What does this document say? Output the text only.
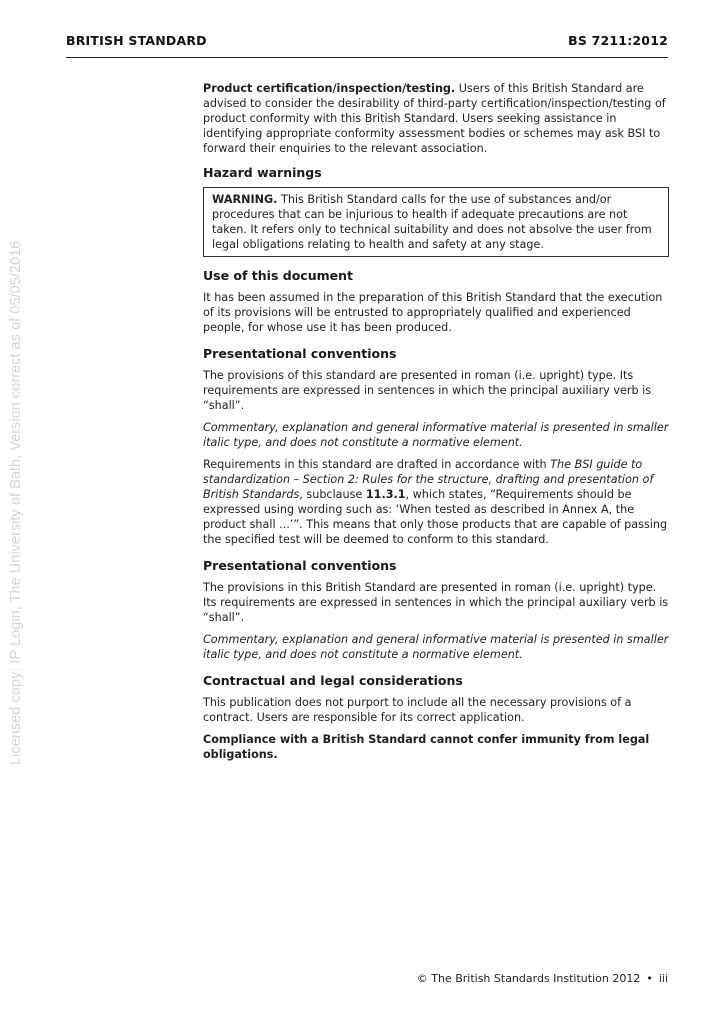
BRITISH STANDARD	BS 7211:2012
Licensed copy: IP Login, The University of Bath, Version correct as of 05/05/2016

Product certification/inspection/testing. Users of this British Standard are advised to consider the desirability of third-party certification/inspection/testing of product conformity with this British Standard. Users seeking assistance in identifying appropriate conformity assessment bodies or schemes may ask BSI to forward their enquiries to the relevant association.

Hazard warnings
WARNING. This British Standard calls for the use of substances and/or procedures that can be injurious to health if adequate precautions are not taken. It refers only to technical suitability and does not absolve the user from legal obligations relating to health and safety at any stage.
Use of this document

It has been assumed in the preparation of this British Standard that the execution of its provisions will be entrusted to appropriately qualified and experienced people, for whose use it has been produced.

Presentational conventions

The provisions of this standard are presented in roman (i.e. upright) type. Its requirements are expressed in sentences in which the principal auxiliary verb is “shall”.

Commentary, explanation and general informative material is presented in smaller italic type, and does not constitute a normative element.

Requirements in this standard are drafted in accordance with The BSI guide to standardization – Section 2: Rules for the structure, drafting and presentation of British Standards, subclause 11.3.1, which states, “Requirements should be expressed using wording such as: ‘When tested as described in Annex A, the product shall ...’”. This means that only those products that are capable of passing the specified test will be deemed to conform to this standard.

Presentational conventions

The provisions in this British Standard are presented in roman (i.e. upright) type. Its requirements are expressed in sentences in which the principal auxiliary verb is “shall”.

Commentary, explanation and general informative material is presented in smaller italic type, and does not constitute a normative element.

Contractual and legal considerations

This publication does not purport to include all the necessary provisions of a contract. Users are responsible for its correct application.

Compliance with a British Standard cannot confer immunity from legal obligations.

© The British Standards Institution 2012 • iii
